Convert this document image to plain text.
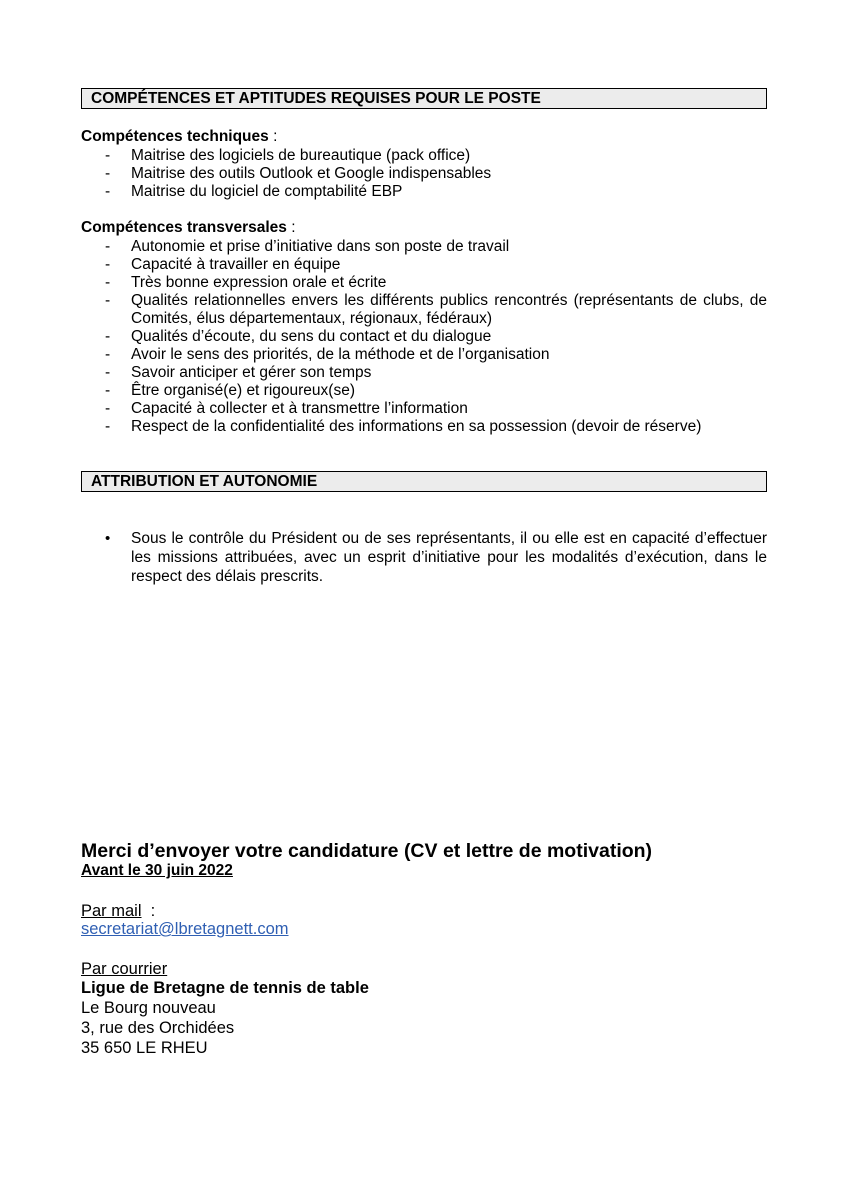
COMPÉTENCES ET APTITUDES REQUISES POUR LE POSTE
Compétences techniques :
- Maitrise des logiciels de bureautique (pack office)
- Maitrise des outils Outlook et Google indispensables
- Maitrise du logiciel de comptabilité EBP
Compétences transversales :
- Autonomie et prise d’initiative dans son poste de travail
- Capacité à travailler en équipe
- Très bonne expression orale et écrite
- Qualités relationnelles envers les différents publics rencontrés (représentants de clubs, de Comités, élus départementaux, régionaux, fédéraux)
- Qualités d’écoute, du sens du contact et du dialogue
- Avoir le sens des priorités, de la méthode et de l’organisation
- Savoir anticiper et gérer son temps
- Être organisé(e) et rigoureux(se)
- Capacité à collecter et à transmettre l’information
- Respect de la confidentialité des informations en sa possession (devoir de réserve)
ATTRIBUTION ET AUTONOMIE
•	Sous le contrôle du Président ou de ses représentants, il ou elle est en capacité d’effectuer les missions attribuées, avec un esprit d’initiative pour les modalités d’exécution, dans le respect des délais prescrits.
Merci d’envoyer votre candidature (CV et lettre de motivation)
Avant le 30 juin 2022
Par mail  :
secretariat@lbretagnett.com
Par courrier
Ligue de Bretagne de tennis de table
Le Bourg nouveau
3, rue des Orchidées
35 650 LE RHEU
